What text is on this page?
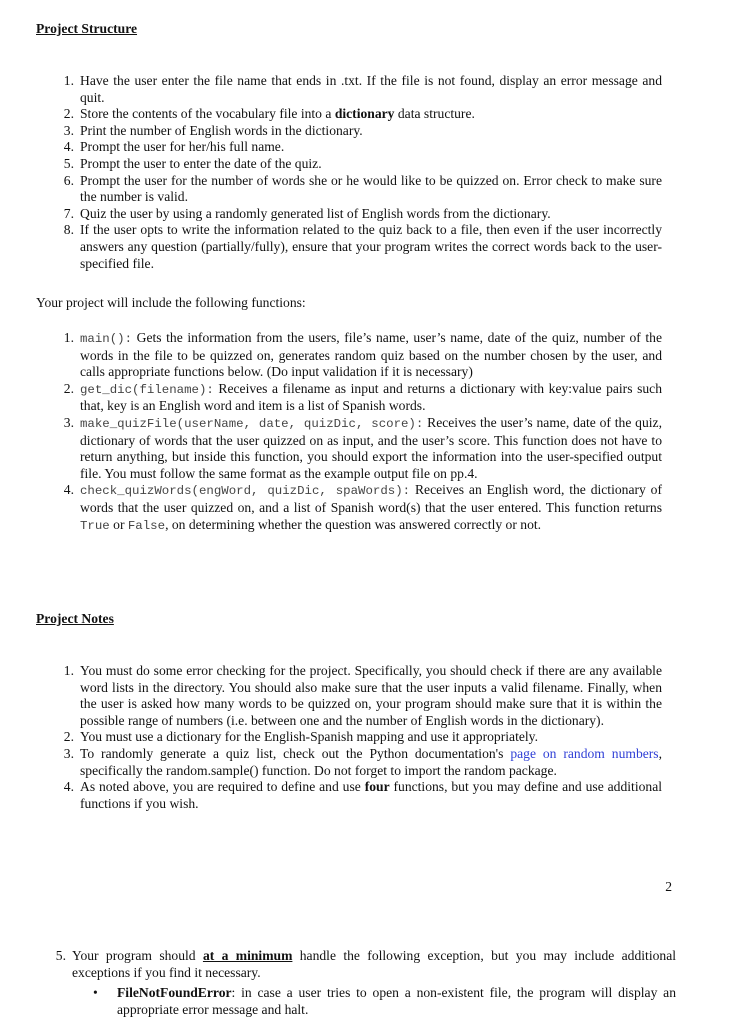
Project Structure
1. Have the user enter the file name that ends in .txt. If the file is not found, display an error message and quit.
2. Store the contents of the vocabulary file into a dictionary data structure.
3. Print the number of English words in the dictionary.
4. Prompt the user for her/his full name.
5. Prompt the user to enter the date of the quiz.
6. Prompt the user for the number of words she or he would like to be quizzed on. Error check to make sure the number is valid.
7. Quiz the user by using a randomly generated list of English words from the dictionary.
8. If the user opts to write the information related to the quiz back to a file, then even if the user incorrectly answers any question (partially/fully), ensure that your program writes the correct words back to the user-specified file.
Your project will include the following functions:
1. main(): Gets the information from the users, file’s name, user’s name, date of the quiz, number of the words in the file to be quizzed on, generates random quiz based on the number chosen by the user, and calls appropriate functions below. (Do input validation if it is necessary)
2. get_dic(filename): Receives a filename as input and returns a dictionary with key:value pairs such that, key is an English word and item is a list of Spanish words.
3. make_quizFile(userName, date, quizDic, score): Receives the user’s name, date of the quiz, dictionary of words that the user quizzed on as input, and the user’s score. This function does not have to return anything, but inside this function, you should export the information into the user-specified output file. You must follow the same format as the example output file on pp.4.
4. check_quizWords(engWord, quizDic, spaWords): Receives an English word, the dictionary of words that the user quizzed on, and a list of Spanish word(s) that the user entered. This function returns True or False, on determining whether the question was answered correctly or not.
Project Notes
1. You must do some error checking for the project. Specifically, you should check if there are any available word lists in the directory. You should also make sure that the user inputs a valid filename. Finally, when the user is asked how many words to be quizzed on, your program should make sure that it is within the possible range of numbers (i.e. between one and the number of English words in the dictionary).
2. You must use a dictionary for the English-Spanish mapping and use it appropriately.
3. To randomly generate a quiz list, check out the Python documentation's page on random numbers, specifically the random.sample() function. Do not forget to import the random package.
4. As noted above, you are required to define and use four functions, but you may define and use additional functions if you wish.
2
5. Your program should at a minimum handle the following exception, but you may include additional exceptions if you find it necessary.
• FileNotFoundError: in case a user tries to open a non-existent file, the program will display an appropriate error message and halt.
